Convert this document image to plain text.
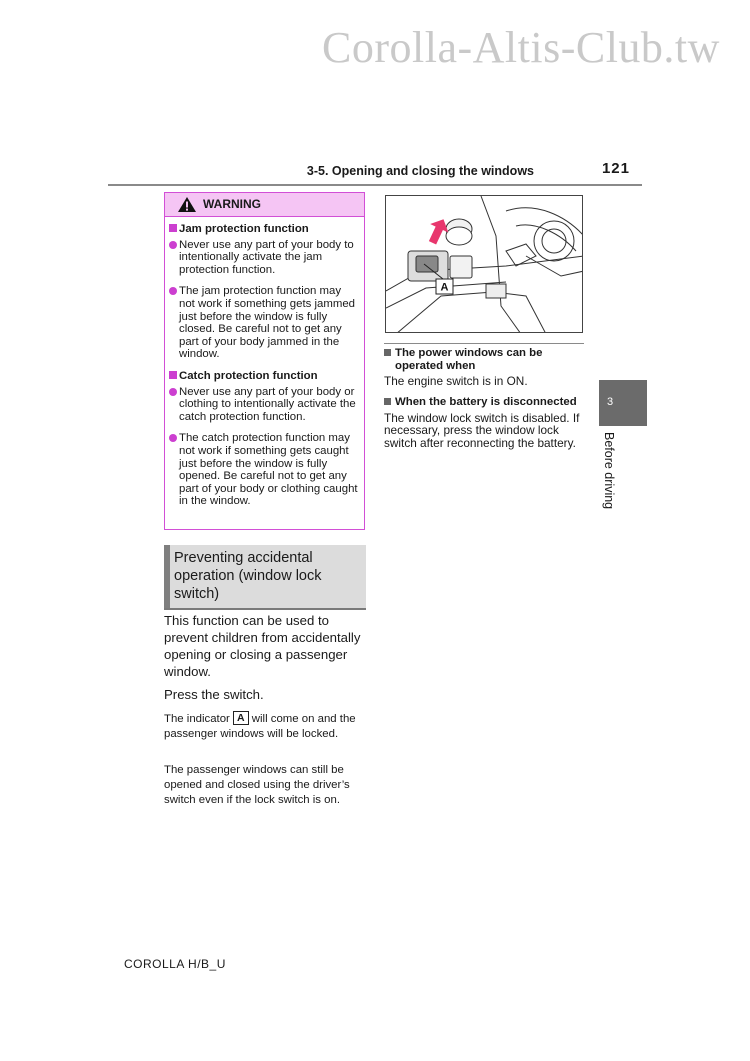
Corolla-Altis-Club.tw
3-5. Opening and closing the windows	121
WARNING
Jam protection function
Never use any part of your body to intentionally activate the jam protection function.
The jam protection function may not work if something gets jammed just before the window is fully closed. Be careful not to get any part of your body jammed in the window.
Catch protection function
Never use any part of your body or clothing to intentionally activate the catch protection function.
The catch protection function may not work if something gets caught just before the window is fully opened. Be careful not to get any part of your body or clothing caught in the window.
Preventing accidental operation (window lock switch)

This function can be used to prevent children from accidentally opening or closing a passenger window.

Press the switch.

The indicator A will come on and the passenger windows will be locked.
The passenger windows can still be opened and closed using the driver’s switch even if the lock switch is on.
A
The power windows can be operated when
The engine switch is in ON.
When the battery is disconnected
The window lock switch is disabled. If necessary, press the window lock switch after reconnecting the battery.
3
Before driving
COROLLA H/B_U
